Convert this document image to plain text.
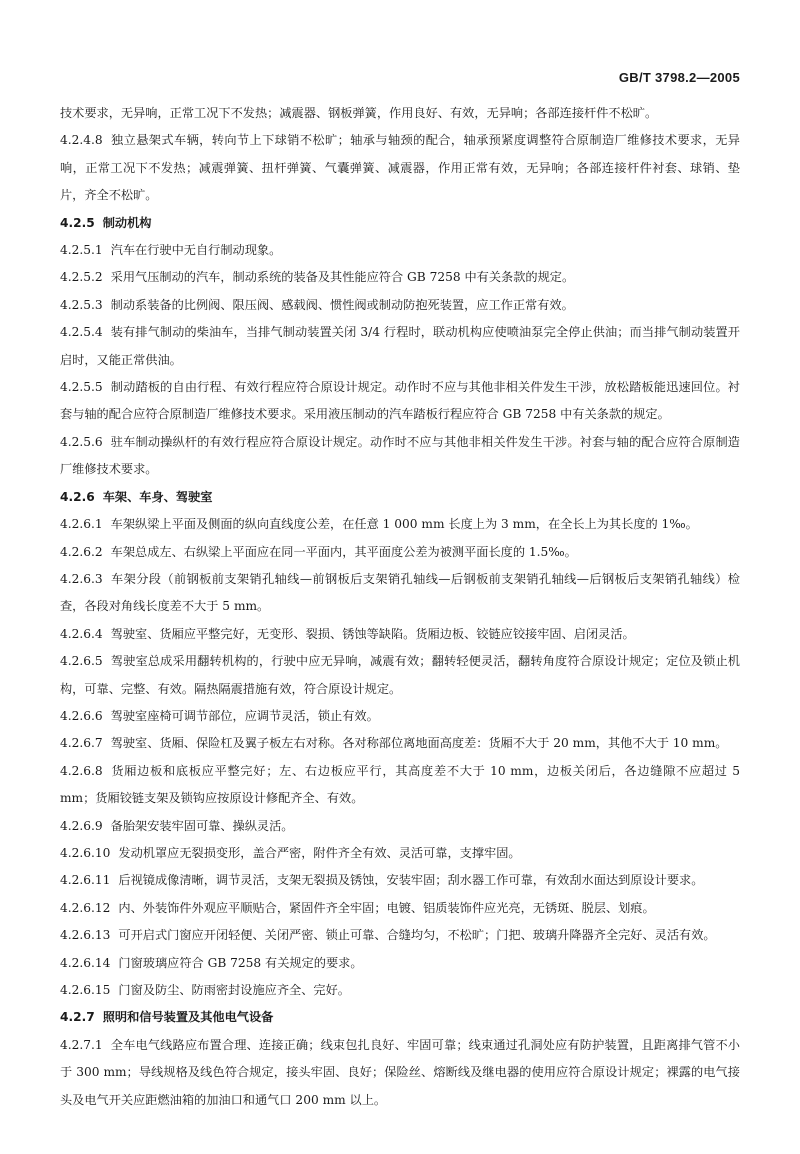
GB/T 3798.2—2005
技术要求，无异响，正常工况下不发热；减震器、钢板弹簧，作用良好、有效，无异响；各部连接杆件不松旷。
4.2.4.8 独立悬架式车辆，转向节上下球销不松旷；轴承与轴颈的配合，轴承预紧度调整符合原制造厂维修技术要求，无异响，正常工况下不发热；减震弹簧、扭杆弹簧、气囊弹簧、减震器，作用正常有效，无异响；各部连接杆件衬套、球销、垫片，齐全不松旷。
4.2.5 制动机构
4.2.5.1 汽车在行驶中无自行制动现象。
4.2.5.2 采用气压制动的汽车，制动系统的装备及其性能应符合 GB 7258 中有关条款的规定。
4.2.5.3 制动系装备的比例阀、限压阀、感载阀、惯性阀或制动防抱死装置，应工作正常有效。
4.2.5.4 装有排气制动的柴油车，当排气制动装置关闭 3/4 行程时，联动机构应使喷油泵完全停止供油；而当排气制动装置开启时，又能正常供油。
4.2.5.5 制动踏板的自由行程、有效行程应符合原设计规定。动作时不应与其他非相关件发生干涉，放松踏板能迅速回位。衬套与轴的配合应符合原制造厂维修技术要求。采用液压制动的汽车踏板行程应符合 GB 7258 中有关条款的规定。
4.2.5.6 驻车制动操纵杆的有效行程应符合原设计规定。动作时不应与其他非相关件发生干涉。衬套与轴的配合应符合原制造厂维修技术要求。
4.2.6 车架、车身、驾驶室
4.2.6.1 车架纵梁上平面及侧面的纵向直线度公差，在任意 1 000 mm 长度上为 3 mm，在全长上为其长度的 1‰。
4.2.6.2 车架总成左、右纵梁上平面应在同一平面内，其平面度公差为被测平面长度的 1.5‰。
4.2.6.3 车架分段（前钢板前支架销孔轴线—前钢板后支架销孔轴线—后钢板前支架销孔轴线—后钢板后支架销孔轴线）检查，各段对角线长度差不大于 5 mm。
4.2.6.4 驾驶室、货厢应平整完好，无变形、裂损、锈蚀等缺陷。货厢边板、铰链应铰接牢固、启闭灵活。
4.2.6.5 驾驶室总成采用翻转机构的，行驶中应无异响，减震有效；翻转轻便灵活，翻转角度符合原设计规定；定位及锁止机构，可靠、完整、有效。隔热隔震措施有效，符合原设计规定。
4.2.6.6 驾驶室座椅可调节部位，应调节灵活，锁止有效。
4.2.6.7 驾驶室、货厢、保险杠及翼子板左右对称。各对称部位离地面高度差：货厢不大于 20 mm，其他不大于 10 mm。
4.2.6.8 货厢边板和底板应平整完好；左、右边板应平行，其高度差不大于 10 mm，边板关闭后，各边缝隙不应超过 5 mm；货厢铰链支架及锁钩应按原设计修配齐全、有效。
4.2.6.9 备胎架安装牢固可靠、操纵灵活。
4.2.6.10 发动机罩应无裂损变形，盖合严密，附件齐全有效、灵活可靠，支撑牢固。
4.2.6.11 后视镜成像清晰，调节灵活，支架无裂损及锈蚀，安装牢固；刮水器工作可靠，有效刮水面达到原设计要求。
4.2.6.12 内、外装饰件外观应平顺贴合，紧固件齐全牢固；电镀、铝质装饰件应光亮，无锈斑、脱层、划痕。
4.2.6.13 可开启式门窗应开闭轻便、关闭严密、锁止可靠、合缝均匀，不松旷；门把、玻璃升降器齐全完好、灵活有效。
4.2.6.14 门窗玻璃应符合 GB 7258 有关规定的要求。
4.2.6.15 门窗及防尘、防雨密封设施应齐全、完好。
4.2.7 照明和信号装置及其他电气设备
4.2.7.1 全车电气线路应布置合理、连接正确；线束包扎良好、牢固可靠；线束通过孔洞处应有防护装置，且距离排气管不小于 300 mm；导线规格及线色符合规定，接头牢固、良好；保险丝、熔断线及继电器的使用应符合原设计规定；裸露的电气接头及电气开关应距燃油箱的加油口和通气口 200 mm 以上。
